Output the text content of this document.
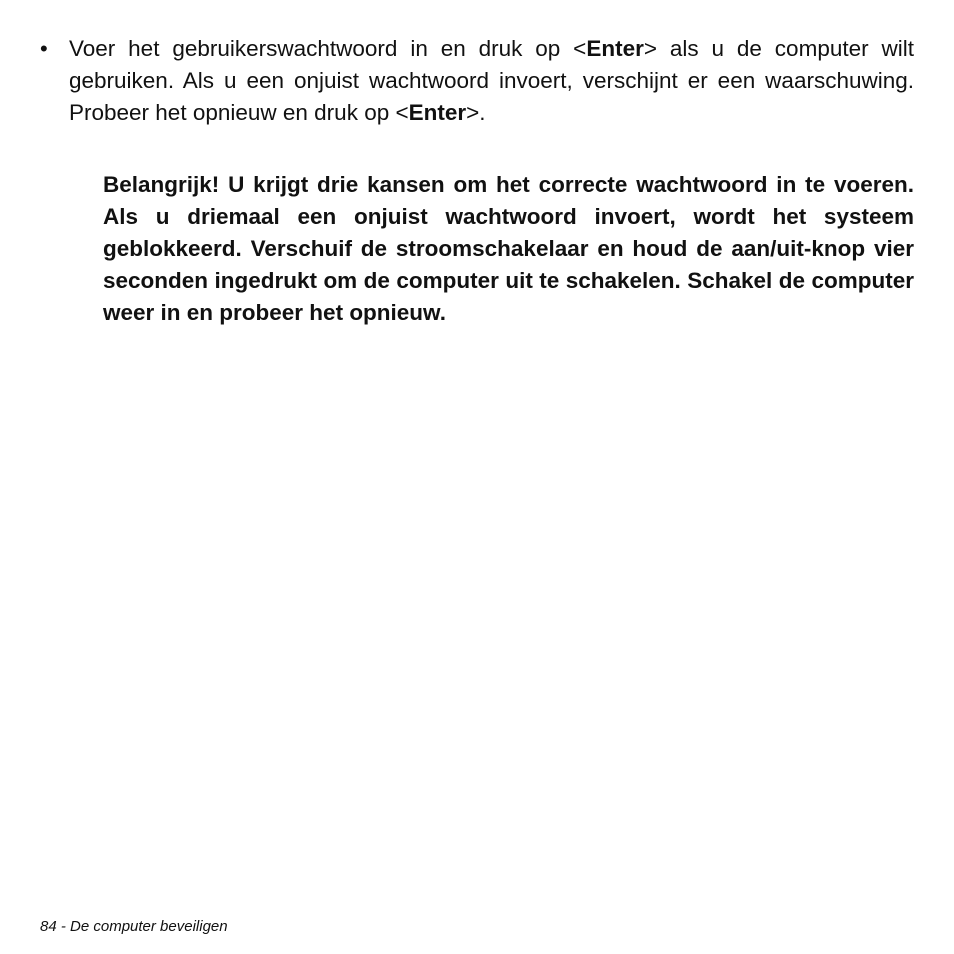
• Voer het gebruikerswachtwoord in en druk op <Enter> als u de computer wilt gebruiken. Als u een onjuist wachtwoord invoert, verschijnt er een waarschuwing. Probeer het opnieuw en druk op <Enter>.
Belangrijk! U krijgt drie kansen om het correcte wachtwoord in te voeren. Als u driemaal een onjuist wachtwoord invoert, wordt het systeem geblokkeerd. Verschuif de stroomschakelaar en houd de aan/uit-knop vier seconden ingedrukt om de computer uit te schakelen. Schakel de computer weer in en probeer het opnieuw.
84 - De computer beveiligen
